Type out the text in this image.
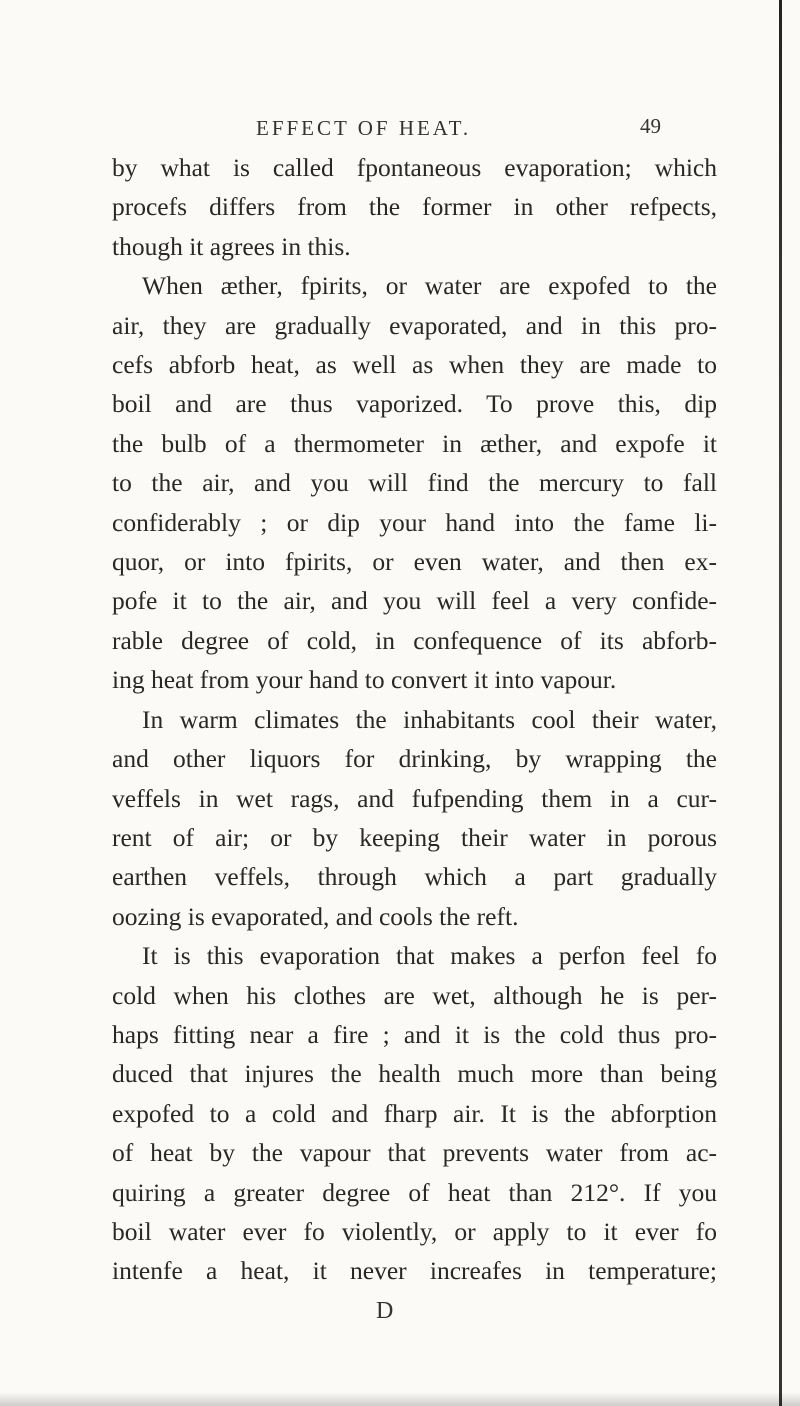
EFFECT OF HEAT.	49
by what is called fpontaneous evaporation; which
procefs differs from the former in other refpects,
though it agrees in this.
When æther, fpirits, or water are expofed to the
air, they are gradually evaporated, and in this pro-
cefs abforb heat, as well as when they are made to
boil and are thus vaporized. To prove this, dip
the bulb of a thermometer in æther, and expofe it
to the air, and you will find the mercury to fall
confiderably ; or dip your hand into the fame li-
quor, or into fpirits, or even water, and then ex-
pofe it to the air, and you will feel a very confide-
rable degree of cold, in confequence of its abforb-
ing heat from your hand to convert it into vapour.
In warm climates the inhabitants cool their water,
and other liquors for drinking, by wrapping the
veffels in wet rags, and fufpending them in a cur-
rent of air; or by keeping their water in porous
earthen veffels, through which a part gradually
oozing is evaporated, and cools the reft.
It is this evaporation that makes a perfon feel fo
cold when his clothes are wet, although he is per-
haps fitting near a fire ; and it is the cold thus pro-
duced that injures the health much more than being
expofed to a cold and fharp air. It is the abforption
of heat by the vapour that prevents water from ac-
quiring a greater degree of heat than 212°. If you
boil water ever fo violently, or apply to it ever fo
intenfe a heat, it never increafes in temperature;
D
